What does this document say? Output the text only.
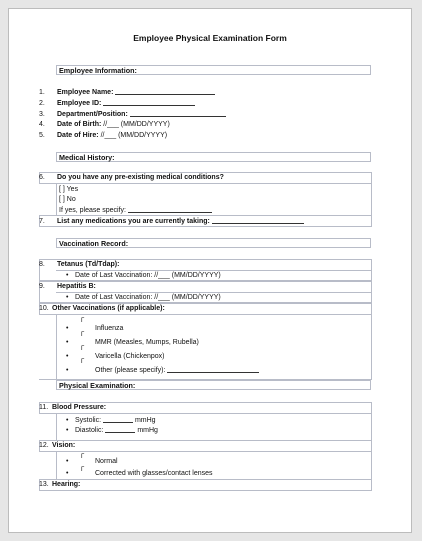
Employee Physical Examination Form
Employee Information:
1. Employee Name:
2. Employee ID:
3. Department/Position:
4. Date of Birth: //___ (MM/DD/YYYY)
5. Date of Hire: //___ (MM/DD/YYYY)
Medical History:
6. Do you have any pre-existing medical conditions?
[ ] Yes
[ ] No
If yes, please specify:
7. List any medications you are currently taking:
Vaccination Record:
8. Tetanus (Td/Tdap):
• Date of Last Vaccination: //___ (MM/DD/YYYY)
9. Hepatitis B:
• Date of Last Vaccination: //___ (MM/DD/YYYY)
10. Other Vaccinations (if applicable):
Γ
•	Influenza
Γ
•	MMR (Measles, Mumps, Rubella)
Γ
•	Varicella (Chickenpox)
Γ
•	Other (please specify):
Physical Examination:
11. Blood Pressure:
• Systolic:	mmHg
• Diastolic:	mmHg
12. Vision:
Γ
•	Normal
Γ
•	Corrected with glasses/contact lenses
13. Hearing:
